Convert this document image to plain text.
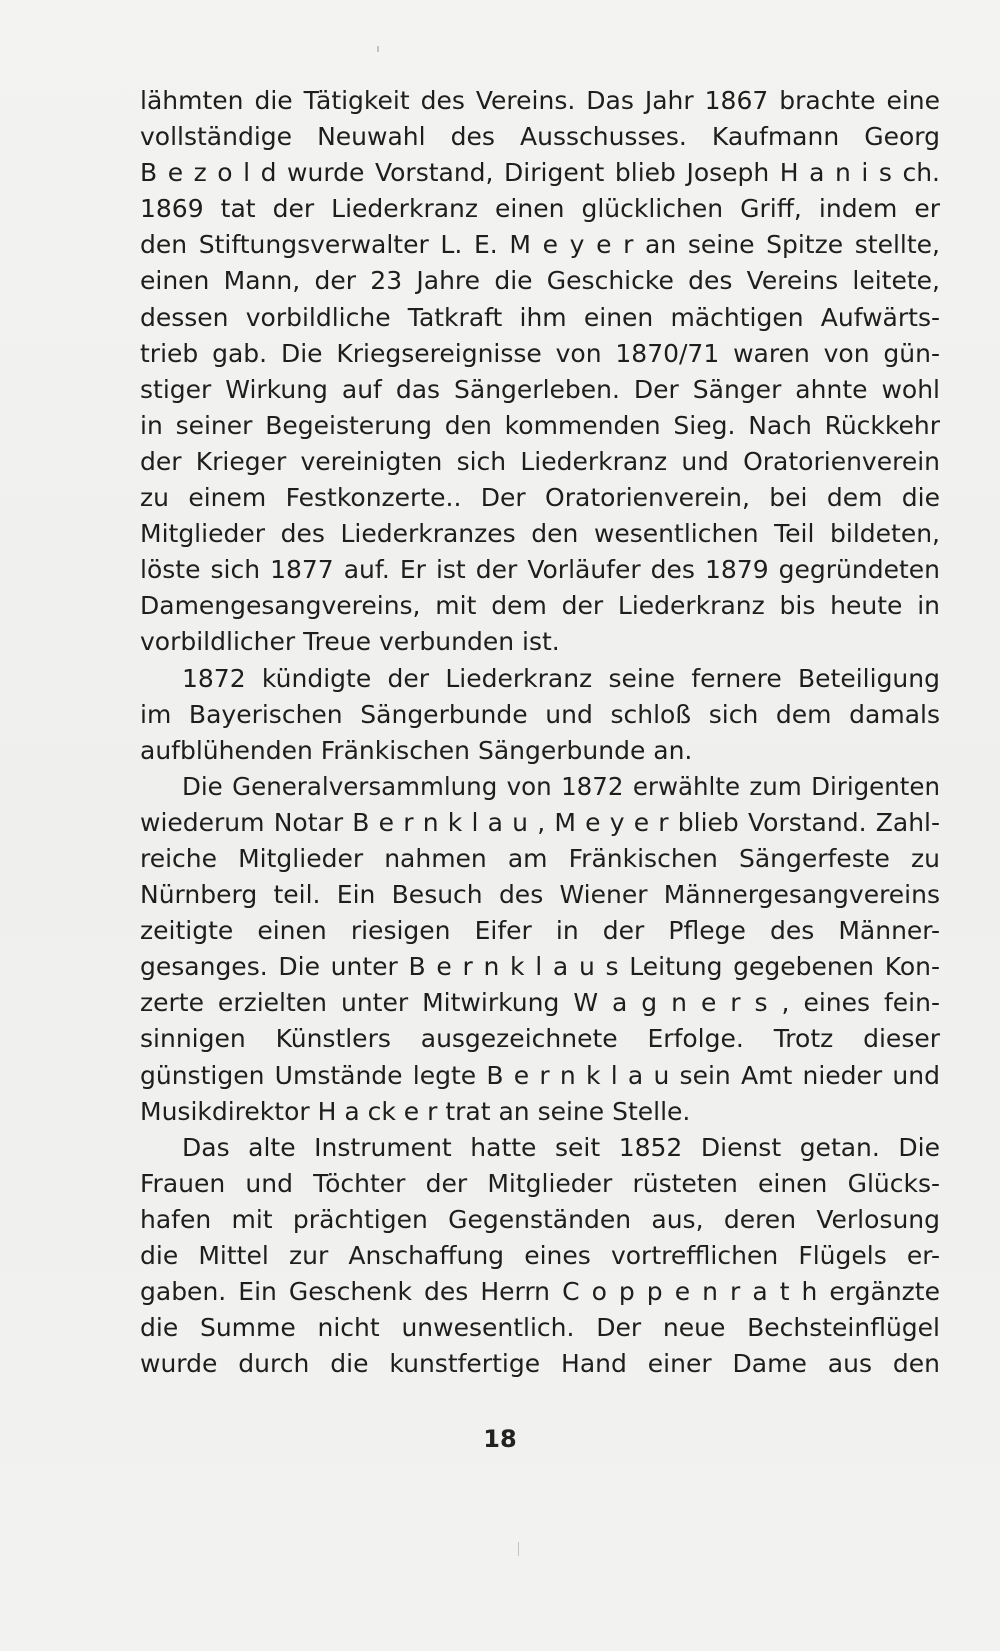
lähmten die Tätigkeit des Vereins. Das Jahr 1867 brachte eine
vollständige Neuwahl des Ausschusses. Kaufmann Georg
B e z o l d wurde Vorstand, Dirigent blieb Joseph H a n i s ch.
1869 tat der Liederkranz einen glücklichen Griff, indem er
den Stiftungsverwalter L. E. M e y e r an seine Spitze stellte,
einen Mann, der 23 Jahre die Geschicke des Vereins leitete,
dessen vorbildliche Tatkraft ihm einen mächtigen Aufwärts-
trieb gab. Die Kriegsereignisse von 1870/71 waren von gün-
stiger Wirkung auf das Sängerleben. Der Sänger ahnte wohl
in seiner Begeisterung den kommenden Sieg. Nach Rückkehr
der Krieger vereinigten sich Liederkranz und Oratorienverein
zu einem Festkonzerte.. Der Oratorienverein, bei dem die
Mitglieder des Liederkranzes den wesentlichen Teil bildeten,
löste sich 1877 auf. Er ist der Vorläufer des 1879 gegründeten
Damengesangvereins, mit dem der Liederkranz bis heute in
vorbildlicher Treue verbunden ist.
1872 kündigte der Liederkranz seine fernere Beteiligung
im Bayerischen Sängerbunde und schloß sich dem damals
aufblühenden Fränkischen Sängerbunde an.
Die Generalversammlung von 1872 erwählte zum Dirigenten
wiederum Notar B e r n k l a u , M e y e r blieb Vorstand. Zahl-
reiche Mitglieder nahmen am Fränkischen Sängerfeste zu
Nürnberg teil. Ein Besuch des Wiener Männergesangvereins
zeitigte einen riesigen Eifer in der Pflege des Männer-
gesanges. Die unter B e r n k l a u s Leitung gegebenen Kon-
zerte erzielten unter Mitwirkung W a g n e r s , eines fein-
sinnigen Künstlers ausgezeichnete Erfolge. Trotz dieser
günstigen Umstände legte B e r n k l a u sein Amt nieder und
Musikdirektor H a ck e r trat an seine Stelle.
Das alte Instrument hatte seit 1852 Dienst getan. Die
Frauen und Töchter der Mitglieder rüsteten einen Glücks-
hafen mit prächtigen Gegenständen aus, deren Verlosung
die Mittel zur Anschaffung eines vortrefflichen Flügels er-
gaben. Ein Geschenk des Herrn C o p p e n r a t h ergänzte
die Summe nicht unwesentlich. Der neue Bechsteinflügel
wurde durch die kunstfertige Hand einer Dame aus den
18
